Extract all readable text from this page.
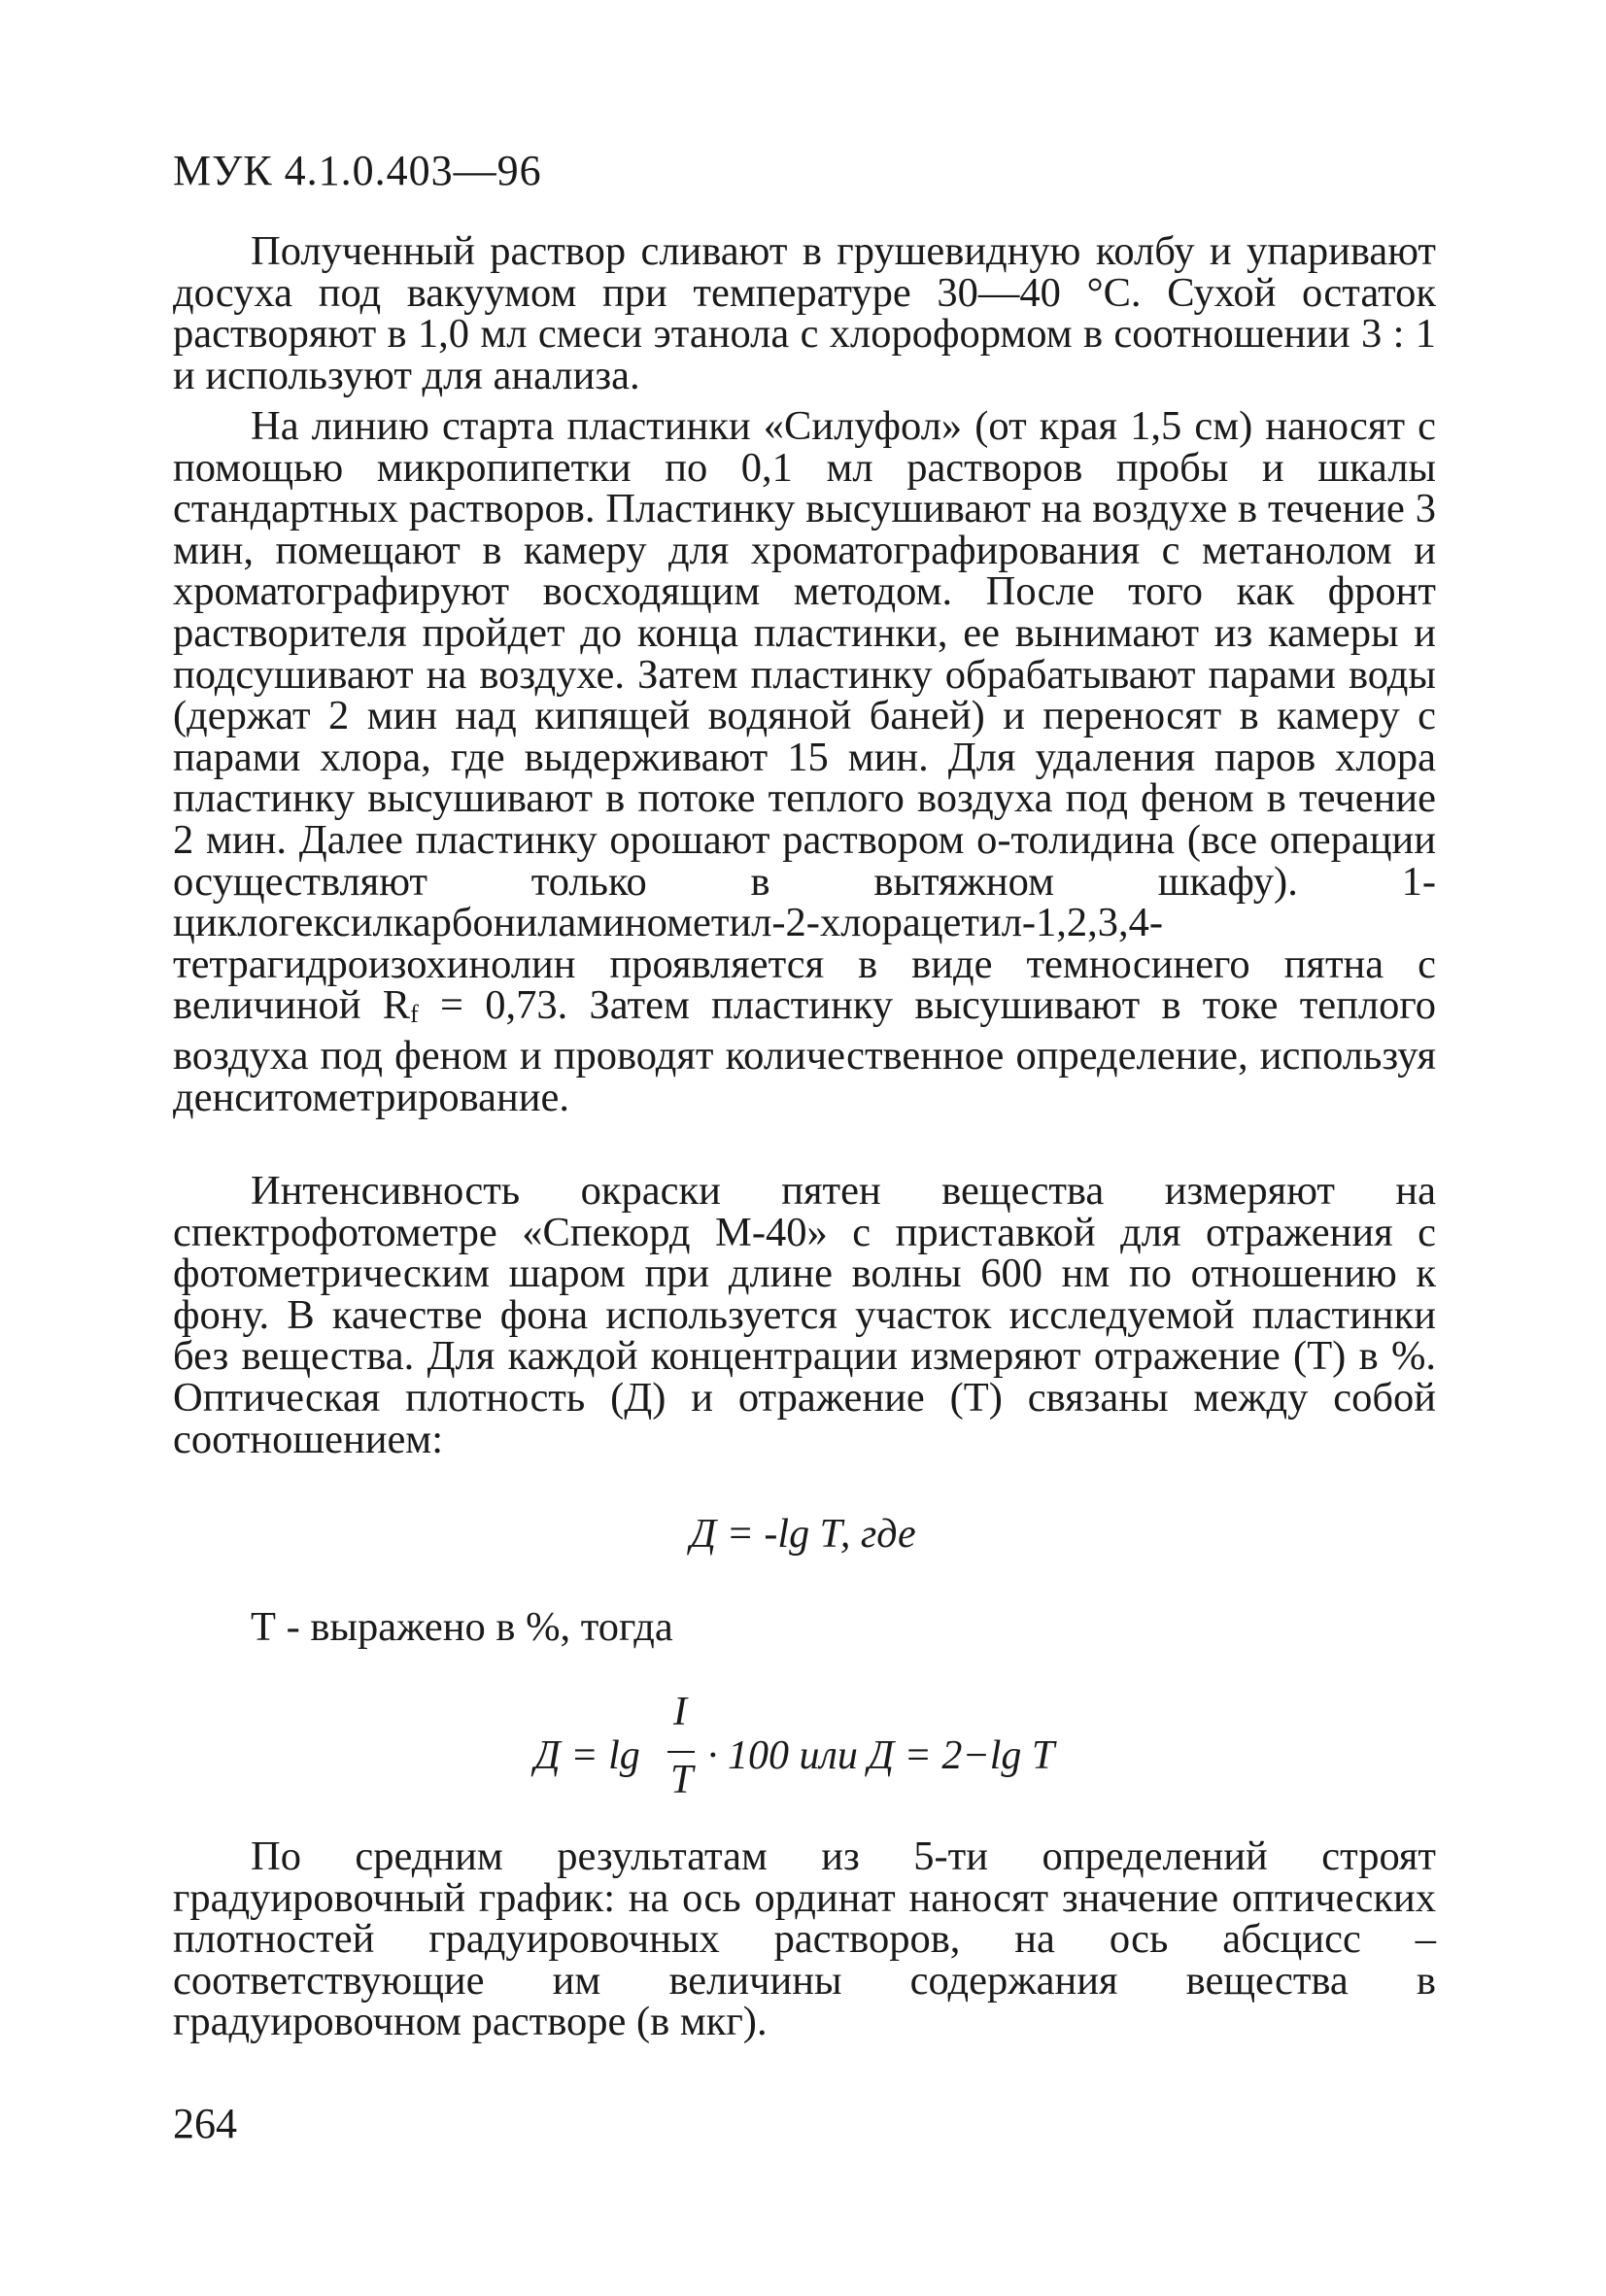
МУК 4.1.0.403—96

Полученный раствор сливают в грушевидную колбу и упаривают досуха под вакуумом при температуре 30—40 °С. Сухой остаток растворяют в 1,0 мл смеси этанола с хлороформом в соотношении 3 : 1 и используют для анализа.

На линию старта пластинки «Силуфол» (от края 1,5 см) наносят с помощью микропипетки по 0,1 мл растворов пробы и шкалы стандартных растворов. Пластинку высушивают на воздухе в течение 3 мин, помещают в камеру для хроматографирования с метанолом и хроматографируют восходящим методом. После того как фронт растворителя пройдет до конца пластинки, ее вынимают из камеры и подсушивают на воздухе. Затем пластинку обрабатывают парами воды (держат 2 мин над кипящей водяной баней) и переносят в камеру с парами хлора, где выдерживают 15 мин. Для удаления паров хлора пластинку высушивают в потоке теплого воздуха под феном в течение 2 мин. Далее пластинку орошают раствором о-толидина (все операции осуществляют только в вытяжном шкафу). 1-циклогексилкарбониламинометил-2-хлорацетил-1,2,3,4-тетрагидроизохинолин проявляется в виде темносинего пятна с величиной Rf = 0,73. Затем пластинку высушивают в токе теплого воздуха под феном и проводят количественное определение, используя денситометрирование.

Интенсивность окраски пятен вещества измеряют на спектрофотометре «Спекорд М-40» с приставкой для отражения с фотометрическим шаром при длине волны 600 нм по отношению к фону. В качестве фона используется участок исследуемой пластинки без вещества. Для каждой концентрации измеряют отражение (Т) в %. Оптическая плотность (Д) и отражение (Т) связаны между собой соотношением:

Д = -lg Т, где
Т - выражено в %, тогда
Д = lg
I
T
· 100 или Д = 2−lg T

По средним результатам из 5-ти определений строят градуировочный график: на ось ординат наносят значение оптических плотностей градуировочных растворов, на ось абсцисс – соответствующие им величины содержания вещества в градуировочном растворе (в мкг).

264
